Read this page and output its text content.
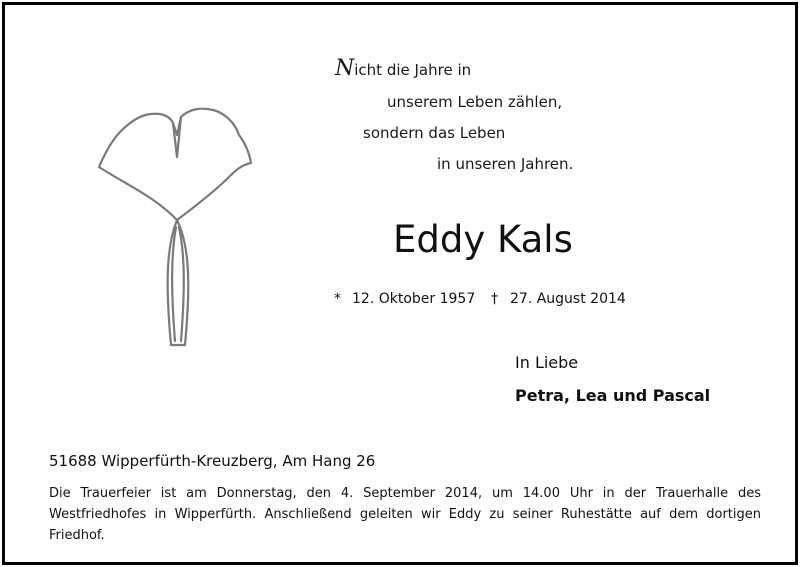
Nicht die Jahre in
unserem Leben zählen,
sondern das Leben
in unseren Jahren.
Eddy Kals
* 12. Oktober 1957 † 27. August 2014
In Liebe
Petra, Lea und Pascal
51688 Wipperfürth-Kreuzberg, Am Hang 26
Die Trauerfeier ist am Donnerstag, den 4. September 2014, um 14.00 Uhr in der Trauerhalle des Westfriedhofes in Wipperfürth. Anschließend geleiten wir Eddy zu seiner Ruhestätte auf dem dortigen Friedhof.
